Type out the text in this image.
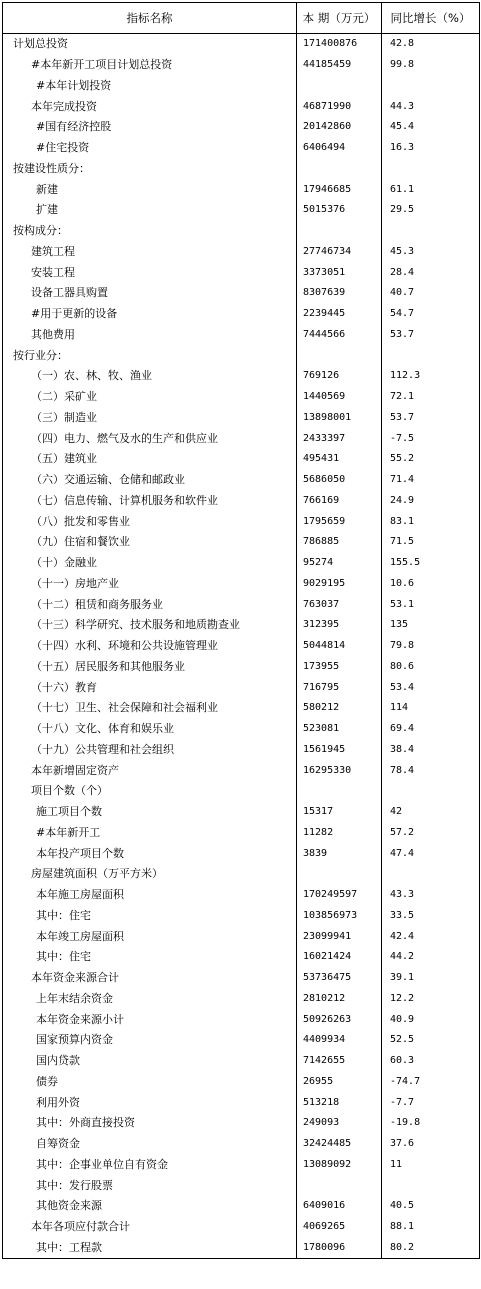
指标名称	本 期（万元）	同比增长（%）
计划总投资	171400876	42.8
#本年新开工项目计划总投资	44185459	99.8
#本年计划投资		
本年完成投资	46871990	44.3
#国有经济控股	20142860	45.4
#住宅投资	6406494	16.3
按建设性质分：		
新建	17946685	61.1
扩建	5015376	29.5
按构成分：		
建筑工程	27746734	45.3
安装工程	3373051	28.4
设备工器具购置	8307639	40.7
#用于更新的设备	2239445	54.7
其他费用	7444566	53.7
按行业分：		
（一）农、林、牧、渔业	769126	112.3
（二）采矿业	1440569	72.1
（三）制造业	13898001	53.7
（四）电力、燃气及水的生产和供应业	2433397	-7.5
（五）建筑业	495431	55.2
（六）交通运输、仓储和邮政业	5686050	71.4
（七）信息传输、计算机服务和软件业	766169	24.9
（八）批发和零售业	1795659	83.1
（九）住宿和餐饮业	786885	71.5
（十）金融业	95274	155.5
（十一）房地产业	9029195	10.6
（十二）租赁和商务服务业	763037	53.1
（十三）科学研究、技术服务和地质勘查业	312395	135
（十四）水利、环境和公共设施管理业	5044814	79.8
（十五）居民服务和其他服务业	173955	80.6
（十六）教育	716795	53.4
（十七）卫生、社会保障和社会福利业	580212	114
（十八）文化、体育和娱乐业	523081	69.4
（十九）公共管理和社会组织	1561945	38.4
本年新增固定资产	16295330	78.4
项目个数（个）		
施工项目个数	15317	42
#本年新开工	11282	57.2
本年投产项目个数	3839	47.4
房屋建筑面积（万平方米）		
本年施工房屋面积	170249597	43.3
其中：住宅	103856973	33.5
本年竣工房屋面积	23099941	42.4
其中：住宅	16021424	44.2
本年资金来源合计	53736475	39.1
上年末结余资金	2810212	12.2
本年资金来源小计	50926263	40.9
国家预算内资金	4409934	52.5
国内贷款	7142655	60.3
债券	26955	-74.7
利用外资	513218	-7.7
其中：外商直接投资	249093	-19.8
自筹资金	32424485	37.6
其中：企事业单位自有资金	13089092	11
其中：发行股票		
其他资金来源	6409016	40.5
本年各项应付款合计	4069265	88.1
其中：工程款	1780096	80.2
